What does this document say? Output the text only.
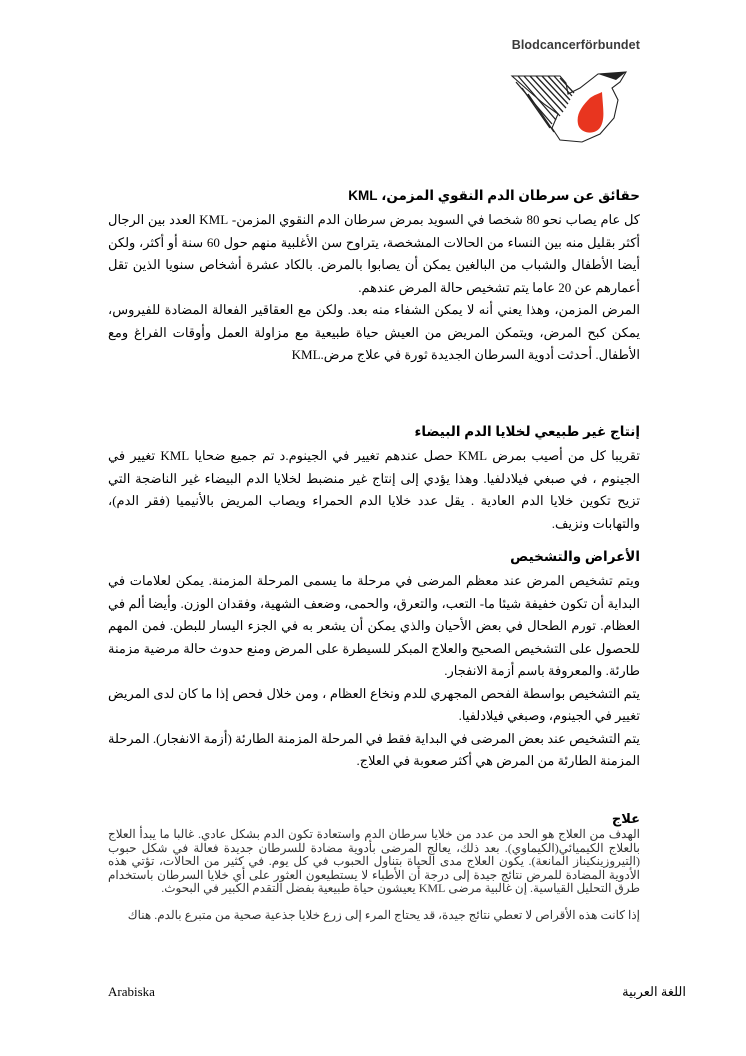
Blodcancerförbundet
حقائق عن سرطان الدم النقوي المزمن، KML

كل عام يصاب نحو 80 شخصا في السويد بمرض سرطان الدم النقوي المزمن- KML العدد بين الرجال أكثر بقليل منه بين النساء من الحالات المشخصة، يتراوح سن الأغلبية منهم حول 60 سنة أو أكثر، ولكن أيضا الأطفال والشباب من البالغين يمكن أن يصابوا بالمرض. بالكاد عشرة أشخاص سنويا الذين تقل أعمارهم عن 20 عاما يتم تشخيص حالة المرض عندهم.

المرض المزمن، وهذا يعني أنه لا يمكن الشفاء منه بعد. ولكن مع العقاقير الفعالة المضادة للفيروس، يمكن كبح المرض، ويتمكن المريض من العيش حياة طبيعية مع مزاولة العمل وأوقات الفراغ ومع الأطفال. أحدثت أدوية السرطان الجديدة ثورة في علاج مرض.KML

إنتاج غير طبيعي لخلايا الدم البيضاء

تقريبا كل من أصيب بمرض KML حصل عندهم تغيير في الجينوم.د تم جميع ضحايا KML تغيير في الجينوم ، في صبغي فيلادلفيا. وهذا يؤدي إلى إنتاج غير منضبط لخلايا الدم البيضاء غير الناضجة التي تزيح تكوين خلايا الدم العادية . يقل عدد خلايا الدم الحمراء ويصاب المريض بالأنيميا (فقر الدم)، والتهابات ونزيف.

الأعراض والتشخيص

ويتم تشخيص المرض عند معظم المرضى في مرحلة ما يسمى المرحلة المزمنة. يمكن لعلامات في البداية أن تكون خفيفة شيئا ما- التعب، والتعرق، والحمى، وضعف الشهية، وفقدان الوزن. وأيضا ألم في العظام. تورم الطحال في بعض الأحيان والذي يمكن أن يشعر به في الجزء اليسار للبطن. فمن المهم للحصول على التشخيص الصحيح والعلاج المبكر للسيطرة على المرض ومنع حدوث حالة مرضية مزمنة طارئة. والمعروفة باسم أزمة الانفجار.

يتم التشخيص بواسطة الفحص المجهري للدم ونخاع العظام ، ومن خلال فحص إذا ما كان لدى المريض تغيير في الجينوم، وصبغي فيلادلفيا.

يتم التشخيص عند بعض المرضى في البداية فقط في المرحلة المزمنة الطارئة (أزمة الانفجار). المرحلة المزمنة الطارئة من المرض هي أكثر صعوبة في العلاج.

علاج

الهدف من العلاج هو الحد من عدد من خلايا سرطان الدم واستعادة تكون الدم بشكل عادي. غالبا ما يبدأ العلاج بالعلاج الكيميائي(الكيماوي). بعد ذلك، يعالج المرضى بأدوية مضادة للسرطان جديدة فعالة في شكل حبوب (التيروزينكيناز المانعة). يكون العلاج مدى الحياة بتناول الحبوب في كل يوم. في كثير من الحالات، تؤتي هذه الأدوية المضادة للمرض نتائج جيدة إلى درجة أن الأطباء لا يستطيعون العثور على أي خلايا السرطان باستخدام طرق التحليل القياسية. إن غالبية مرضى KML يعيشون حياة طبيعية بفضل التقدم الكبير في البحوث.

إذا كانت هذه الأقراص لا تعطي نتائج جيدة، قد يحتاج المرء إلى زرع خلايا جذعية صحية من متبرع بالدم. هناك

Arabiska	اللغة العربية
